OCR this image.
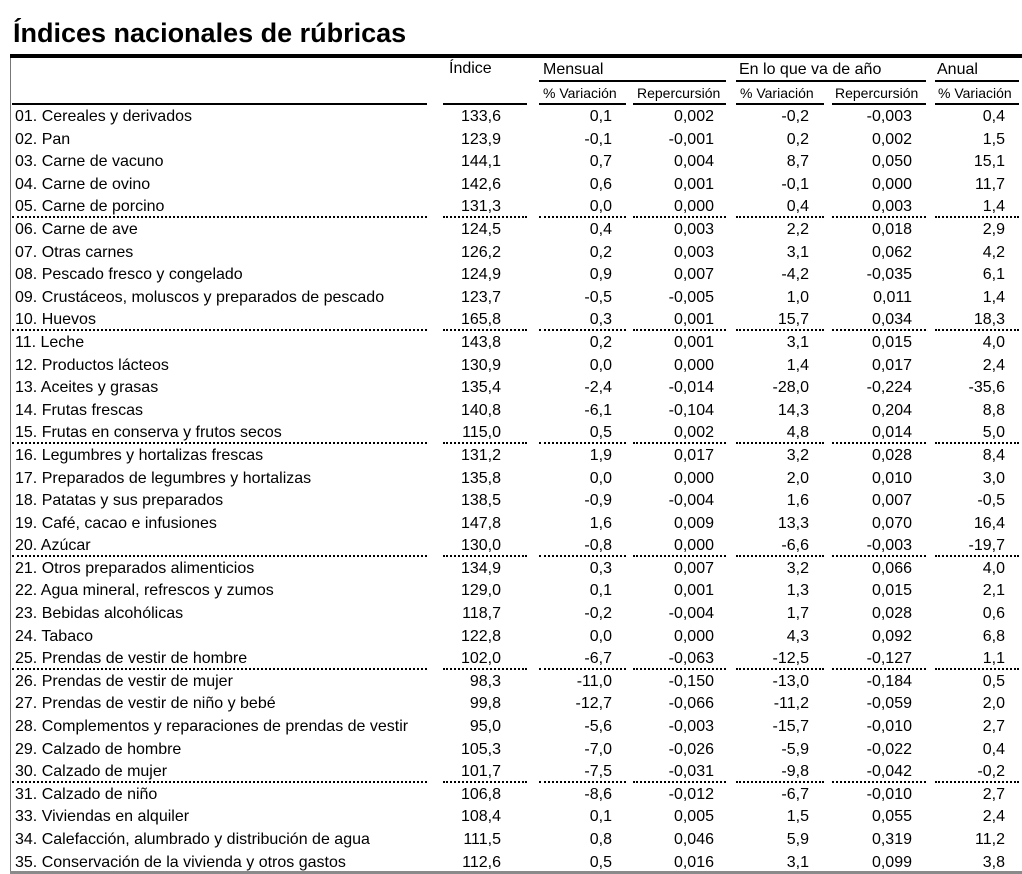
Índices nacionales de rúbricas
Índice	Mensual	En lo que va de año	Anual
% Variación Repercursión % Variación Repercursión % Variación
01. Cereales y derivados	133,6	0,1	0,002	-0,2	-0,003	0,4
02. Pan	123,9	-0,1	-0,001	0,2	0,002	1,5
03. Carne de vacuno	144,1	0,7	0,004	8,7	0,050	15,1
04. Carne de ovino	142,6	0,6	0,001	-0,1	0,000	11,7
05. Carne de porcino	131,3	0,0	0,000	0,4	0,003	1,4
06. Carne de ave	124,5	0,4	0,003	2,2	0,018	2,9
07. Otras carnes	126,2	0,2	0,003	3,1	0,062	4,2
08. Pescado fresco y congelado	124,9	0,9	0,007	-4,2	-0,035	6,1
09. Crustáceos, moluscos y preparados de pescado	123,7	-0,5	-0,005	1,0	0,011	1,4
10. Huevos	165,8	0,3	0,001	15,7	0,034	18,3
11. Leche	143,8	0,2	0,001	3,1	0,015	4,0
12. Productos lácteos	130,9	0,0	0,000	1,4	0,017	2,4
13. Aceites y grasas	135,4	-2,4	-0,014	-28,0	-0,224	-35,6
14. Frutas frescas	140,8	-6,1	-0,104	14,3	0,204	8,8
15. Frutas en conserva y frutos secos	115,0	0,5	0,002	4,8	0,014	5,0
16. Legumbres y hortalizas frescas	131,2	1,9	0,017	3,2	0,028	8,4
17. Preparados de legumbres y hortalizas	135,8	0,0	0,000	2,0	0,010	3,0
18. Patatas y sus preparados	138,5	-0,9	-0,004	1,6	0,007	-0,5
19. Café, cacao e infusiones	147,8	1,6	0,009	13,3	0,070	16,4
20. Azúcar	130,0	-0,8	0,000	-6,6	-0,003	-19,7
21. Otros preparados alimenticios	134,9	0,3	0,007	3,2	0,066	4,0
22. Agua mineral, refrescos y zumos	129,0	0,1	0,001	1,3	0,015	2,1
23. Bebidas alcohólicas	118,7	-0,2	-0,004	1,7	0,028	0,6
24. Tabaco	122,8	0,0	0,000	4,3	0,092	6,8
25. Prendas de vestir de hombre	102,0	-6,7	-0,063	-12,5	-0,127	1,1
26. Prendas de vestir de mujer	98,3	-11,0	-0,150	-13,0	-0,184	0,5
27. Prendas de vestir de niño y bebé	99,8	-12,7	-0,066	-11,2	-0,059	2,0
28. Complementos y reparaciones de prendas de vestir	95,0	-5,6	-0,003	-15,7	-0,010	2,7
29. Calzado de hombre	105,3	-7,0	-0,026	-5,9	-0,022	0,4
30. Calzado de mujer	101,7	-7,5	-0,031	-9,8	-0,042	-0,2
31. Calzado de niño	106,8	-8,6	-0,012	-6,7	-0,010	2,7
33. Viviendas en alquiler	108,4	0,1	0,005	1,5	0,055	2,4
34. Calefacción, alumbrado y distribución de agua	111,5	0,8	0,046	5,9	0,319	11,2
35. Conservación de la vivienda y otros gastos	112,6	0,5	0,016	3,1	0,099	3,8
